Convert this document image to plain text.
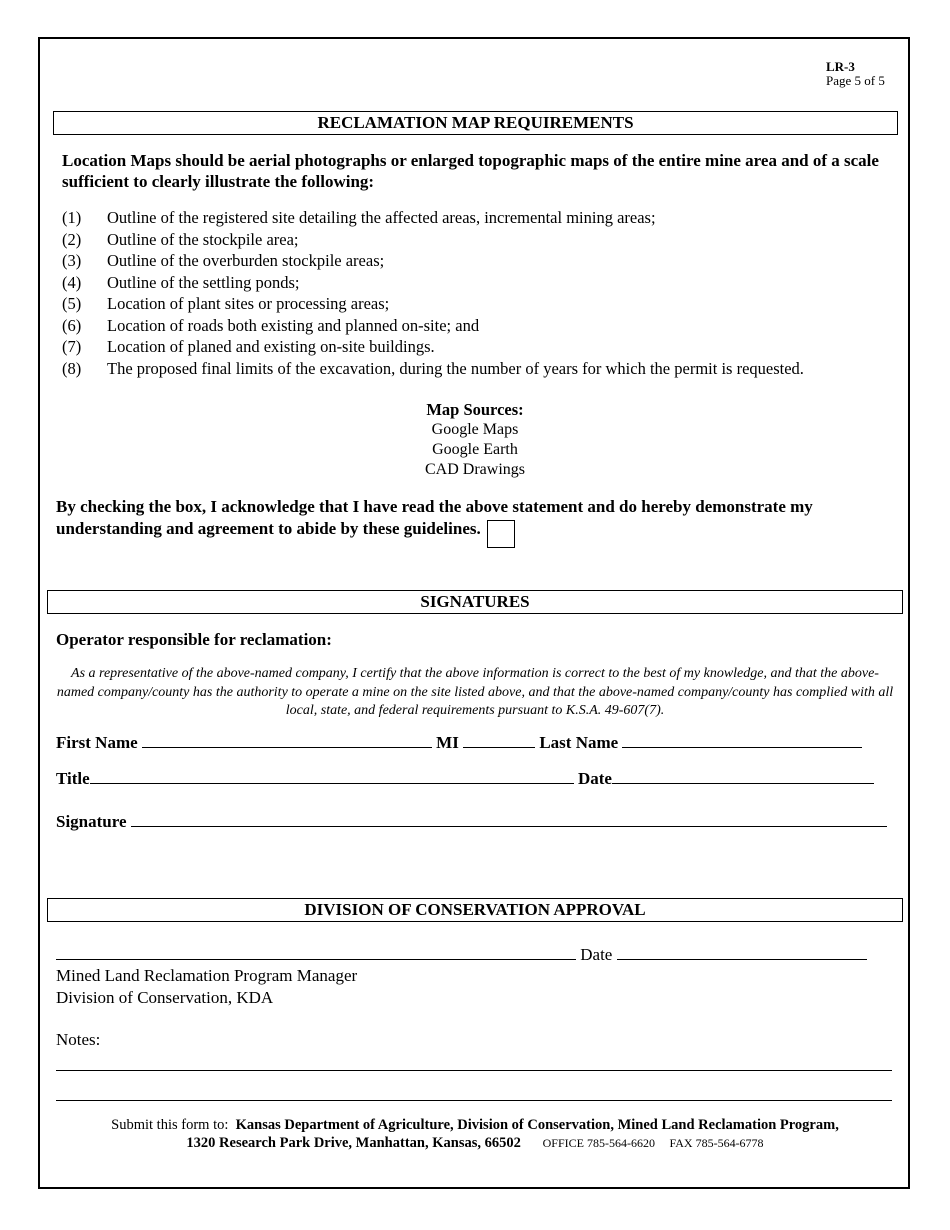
LR-3
Page 5 of 5
RECLAMATION MAP REQUIREMENTS
Location Maps should be aerial photographs or enlarged topographic maps of the entire mine area and of a scale sufficient to clearly illustrate the following:
(1)	Outline of the registered site detailing the affected areas, incremental mining areas;
(2)	Outline of the stockpile area;
(3)	Outline of the overburden stockpile areas;
(4)	Outline of the settling ponds;
(5)	Location of plant sites or processing areas;
(6)	Location of roads both existing and planned on-site; and
(7)	Location of planed and existing on-site buildings.
(8)	The proposed final limits of the excavation, during the number of years for which the permit is requested.
Map Sources:
Google Maps
Google Earth
CAD Drawings
By checking the box, I acknowledge that I have read the above statement and do hereby demonstrate my understanding and agreement to abide by these guidelines.
SIGNATURES
Operator responsible for reclamation:
As a representative of the above-named company, I certify that the above information is correct to the best of my knowledge, and that the above-named company/county has the authority to operate a mine on the site listed above, and that the above-named company/county has complied with all local, state, and federal requirements pursuant to K.S.A. 49-607(7).
First Name	MI	Last Name
Title	Date
Signature
DIVISION OF CONSERVATION APPROVAL
Date
Mined Land Reclamation Program Manager
Division of Conservation, KDA
Notes:
Submit this form to: Kansas Department of Agriculture, Division of Conservation, Mined Land Reclamation Program,
1320 Research Park Drive, Manhattan, Kansas, 66502 OFFICE 785-564-6620 FAX 785-564-6778
